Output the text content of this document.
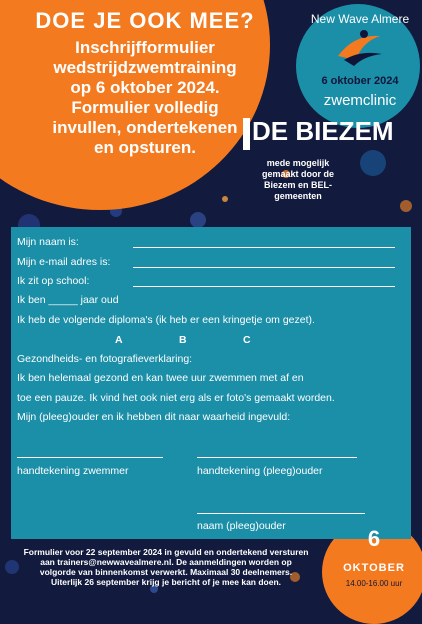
DOE JE OOK MEE?

Inschrijfformulier
wedstrijdzwemtraining
op 6 oktober 2024.
Formulier volledig
invullen, ondertekenen
en opsturen.

New Wave Almere

6 oktober 2024

zwemclinic

DE BIEZEM

mede mogelijk gemaakt door de Biezem en BEL-gemeenten

Mijn naam is:

Mijn e-mail adres is:

Ik zit op school:

Ik ben _____ jaar oud

Ik heb de volgende diploma's (ik heb er een kringetje om gezet).

A	B	C

Gezondheids- en fotografieverklaring:

Ik ben helemaal gezond en kan twee uur zwemmen met af en

toe een pauze. Ik vind het ook niet erg als er foto's gemaakt worden.

Mijn (pleeg)ouder en ik hebben dit naar waarheid ingevuld:

handtekening zwemmer	handtekening (pleeg)ouder

naam (pleeg)ouder

Formulier voor 22 september 2024 in gevuld en ondertekend versturen
aan trainers@newwavealmere.nl. De aanmeldingen worden op
volgorde van binnenkomst verwerkt. Maximaal 30 deelnemers.
Uiterlijk 26 september krijg je bericht of je mee kan doen.

6

OKTOBER

14.00-16.00 uur
